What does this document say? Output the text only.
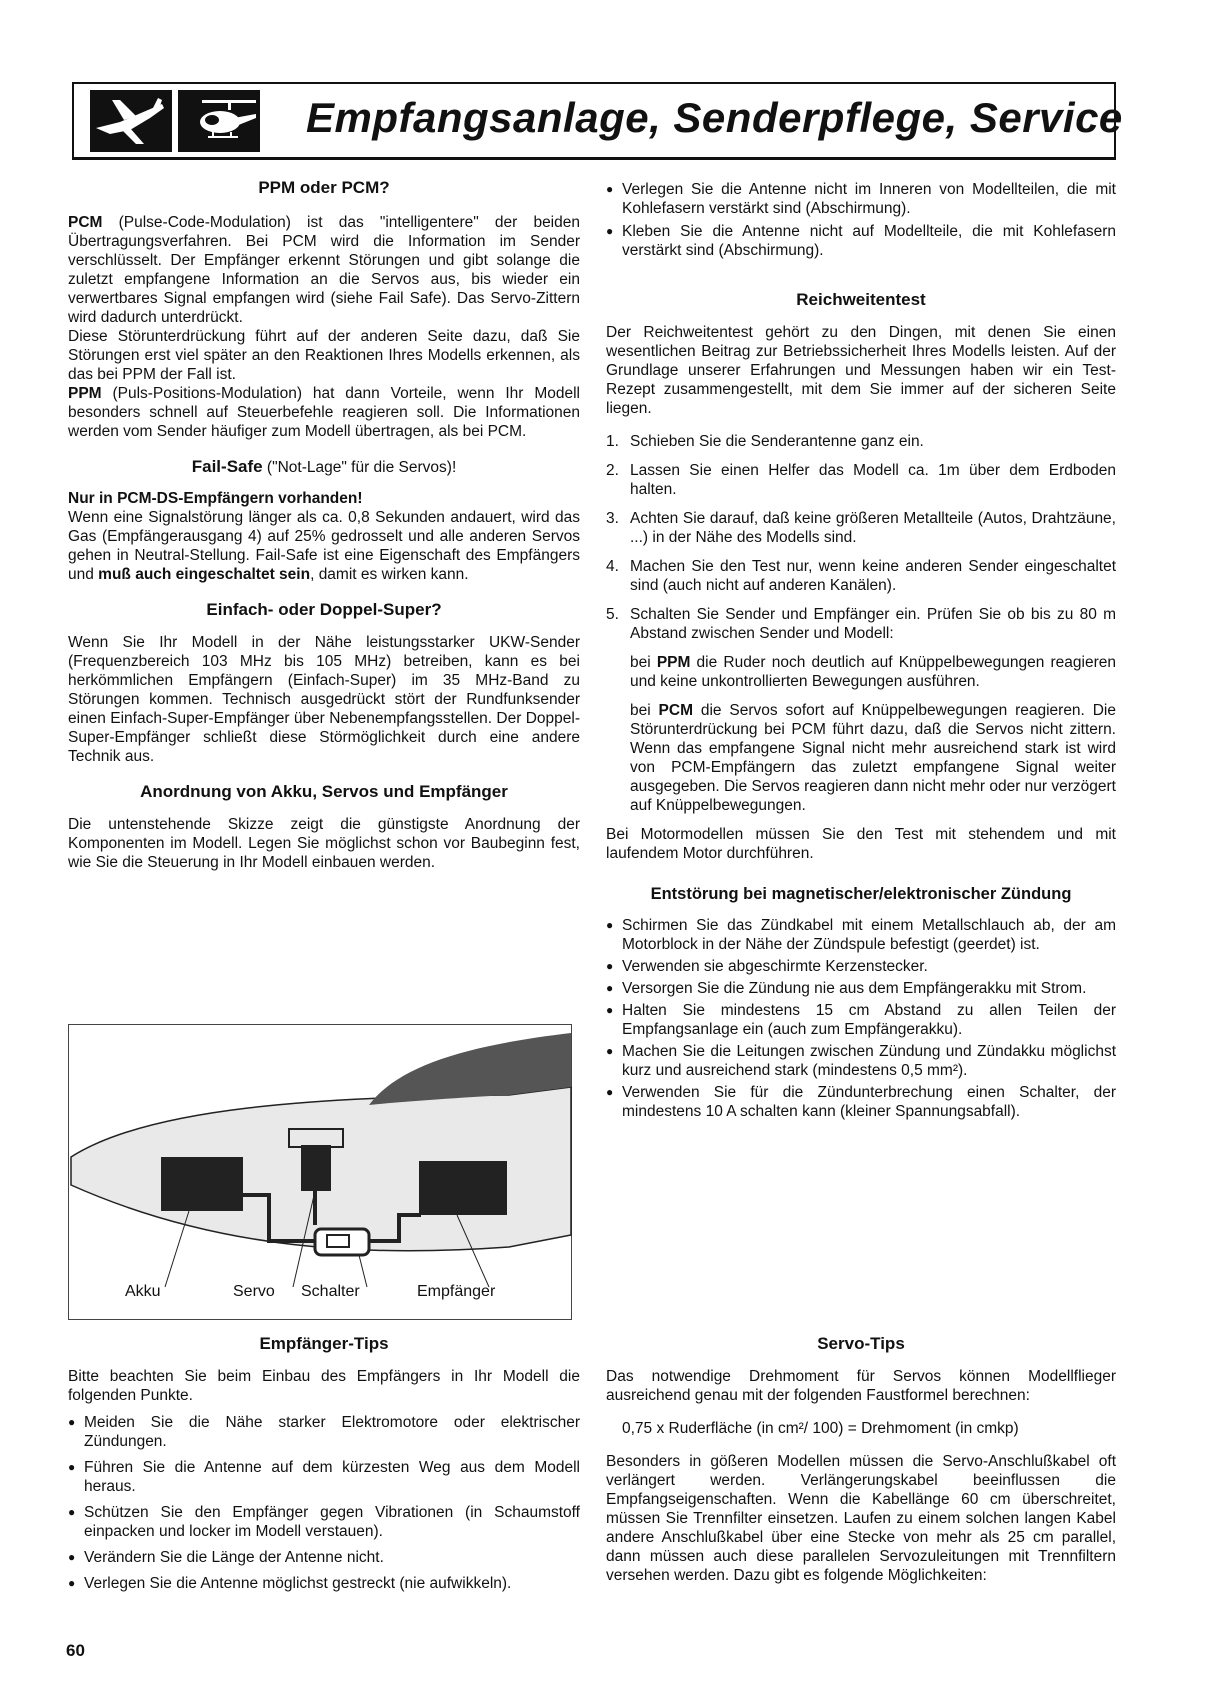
Empfangsanlage, Senderpflege, Service
PPM oder PCM?

PCM (Pulse-Code-Modulation) ist das "intelligentere" der beiden Übertragungsverfahren. Bei PCM wird die Information im Sender verschlüsselt. Der Empfänger erkennt Störungen und gibt solange die zuletzt empfangene Information an die Servos aus, bis wieder ein verwertbares Signal empfangen wird (siehe Fail Safe). Das Servo-Zittern wird dadurch unterdrückt.

Diese Störunterdrückung führt auf der anderen Seite dazu, daß Sie Störungen erst viel später an den Reaktionen Ihres Modells erkennen, als das bei PPM der Fall ist.

PPM (Puls-Positions-Modulation) hat dann Vorteile, wenn Ihr Modell besonders schnell auf Steuerbefehle reagieren soll. Die Informationen werden vom Sender häufiger zum Modell übertragen, als bei PCM.

Fail-Safe ("Not-Lage" für die Servos)!

Nur in PCM-DS-Empfängern vorhanden!

Wenn eine Signalstörung länger als ca. 0,8 Sekunden andauert, wird das Gas (Empfängerausgang 4) auf 25% gedrosselt und alle anderen Servos gehen in Neutral-Stellung. Fail-Safe ist eine Eigenschaft des Empfängers und muß auch eingeschaltet sein, damit es wirken kann.

Einfach- oder Doppel-Super?

Wenn Sie Ihr Modell in der Nähe leistungsstarker UKW-Sender (Frequenzbereich 103 MHz bis 105 MHz) betreiben, kann es bei herkömmlichen Empfängern (Einfach-Super) im 35 MHz-Band zu Störungen kommen. Technisch ausgedrückt stört der Rundfunksender einen Einfach-Super-Empfänger über Nebenempfangsstellen. Der Doppel-Super-Empfänger schließt diese Störmöglichkeit durch eine andere Technik aus.

Anordnung von Akku, Servos und Empfänger

Die untenstehende Skizze zeigt die günstigste Anordnung der Komponenten im Modell. Legen Sie möglichst schon vor Baubeginn fest, wie Sie die Steuerung in Ihr Modell einbauen werden.

Akku	Servo Schalter	Empfänger
Empfänger-Tips

Bitte beachten Sie beim Einbau des Empfängers in Ihr Modell die folgenden Punkte.

● Meiden Sie die Nähe starker Elektromotore oder elektrischer Zündungen.
● Führen Sie die Antenne auf dem kürzesten Weg aus dem Modell heraus.
● Schützen Sie den Empfänger gegen Vibrationen (in Schaumstoff einpacken und locker im Modell verstauen).
● Verändern Sie die Länge der Antenne nicht.
● Verlegen Sie die Antenne möglichst gestreckt (nie aufwikkeln).
● Verlegen Sie die Antenne nicht im Inneren von Modellteilen, die mit Kohlefasern verstärkt sind (Abschirmung).
● Kleben Sie die Antenne nicht auf Modellteile, die mit Kohlefasern verstärkt sind (Abschirmung).
Reichweitentest

Der Reichweitentest gehört zu den Dingen, mit denen Sie einen wesentlichen Beitrag zur Betriebssicherheit Ihres Modells leisten. Auf der Grundlage unserer Erfahrungen und Messungen haben wir ein Test-Rezept zusammengestellt, mit dem Sie immer auf der sicheren Seite liegen.

1. Schieben Sie die Senderantenne ganz ein.
2. Lassen Sie einen Helfer das Modell ca. 1m über dem Erdboden halten.
3. Achten Sie darauf, daß keine größeren Metallteile (Autos, Drahtzäune, ...) in der Nähe des Modells sind.
4. Machen Sie den Test nur, wenn keine anderen Sender eingeschaltet sind (auch nicht auf anderen Kanälen).
5. Schalten Sie Sender und Empfänger ein. Prüfen Sie ob bis zu 80 m Abstand zwischen Sender und Modell:

bei PPM die Ruder noch deutlich auf Knüppelbewegungen reagieren und keine unkontrollierten Bewegungen ausführen.

bei PCM die Servos sofort auf Knüppelbewegungen reagieren. Die Störunterdrückung bei PCM führt dazu, daß die Servos nicht zittern. Wenn das empfangene Signal nicht mehr ausreichend stark ist wird von PCM-Empfängern das zuletzt empfangene Signal weiter ausgegeben. Die Servos reagieren dann nicht mehr oder nur verzögert auf Knüppelbewegungen.

Bei Motormodellen müssen Sie den Test mit stehendem und mit laufendem Motor durchführen.

Entstörung bei magnetischer/elektronischer Zündung
● Schirmen Sie das Zündkabel mit einem Metallschlauch ab, der am Motorblock in der Nähe der Zündspule befestigt (geerdet) ist.
● Verwenden sie abgeschirmte Kerzenstecker.
● Versorgen Sie die Zündung nie aus dem Empfängerakku mit Strom.
● Halten Sie mindestens 15 cm Abstand zu allen Teilen der Empfangsanlage ein (auch zum Empfängerakku).
● Machen Sie die Leitungen zwischen Zündung und Zündakku möglichst kurz und ausreichend stark (mindestens 0,5 mm²).
● Verwenden Sie für die Zündunterbrechung einen Schalter, der mindestens 10 A schalten kann (kleiner Spannungsabfall).
Servo-Tips

Das notwendige Drehmoment für Servos können Modellflieger ausreichend genau mit der folgenden Faustformel berechnen:

0,75 x Ruderfläche (in cm²/ 100) = Drehmoment (in cmkp)

Besonders in gößeren Modellen müssen die Servo-Anschlußkabel oft verlängert werden. Verlängerungskabel beeinflussen die Empfangseigenschaften. Wenn die Kabellänge 60 cm überschreitet, müssen Sie Trennfilter einsetzen. Laufen zu einem solchen langen Kabel andere Anschlußkabel über eine Stecke von mehr als 25 cm parallel, dann müssen auch diese parallelen Servozuleitungen mit Trennfiltern versehen werden. Dazu gibt es folgende Möglichkeiten:

60
